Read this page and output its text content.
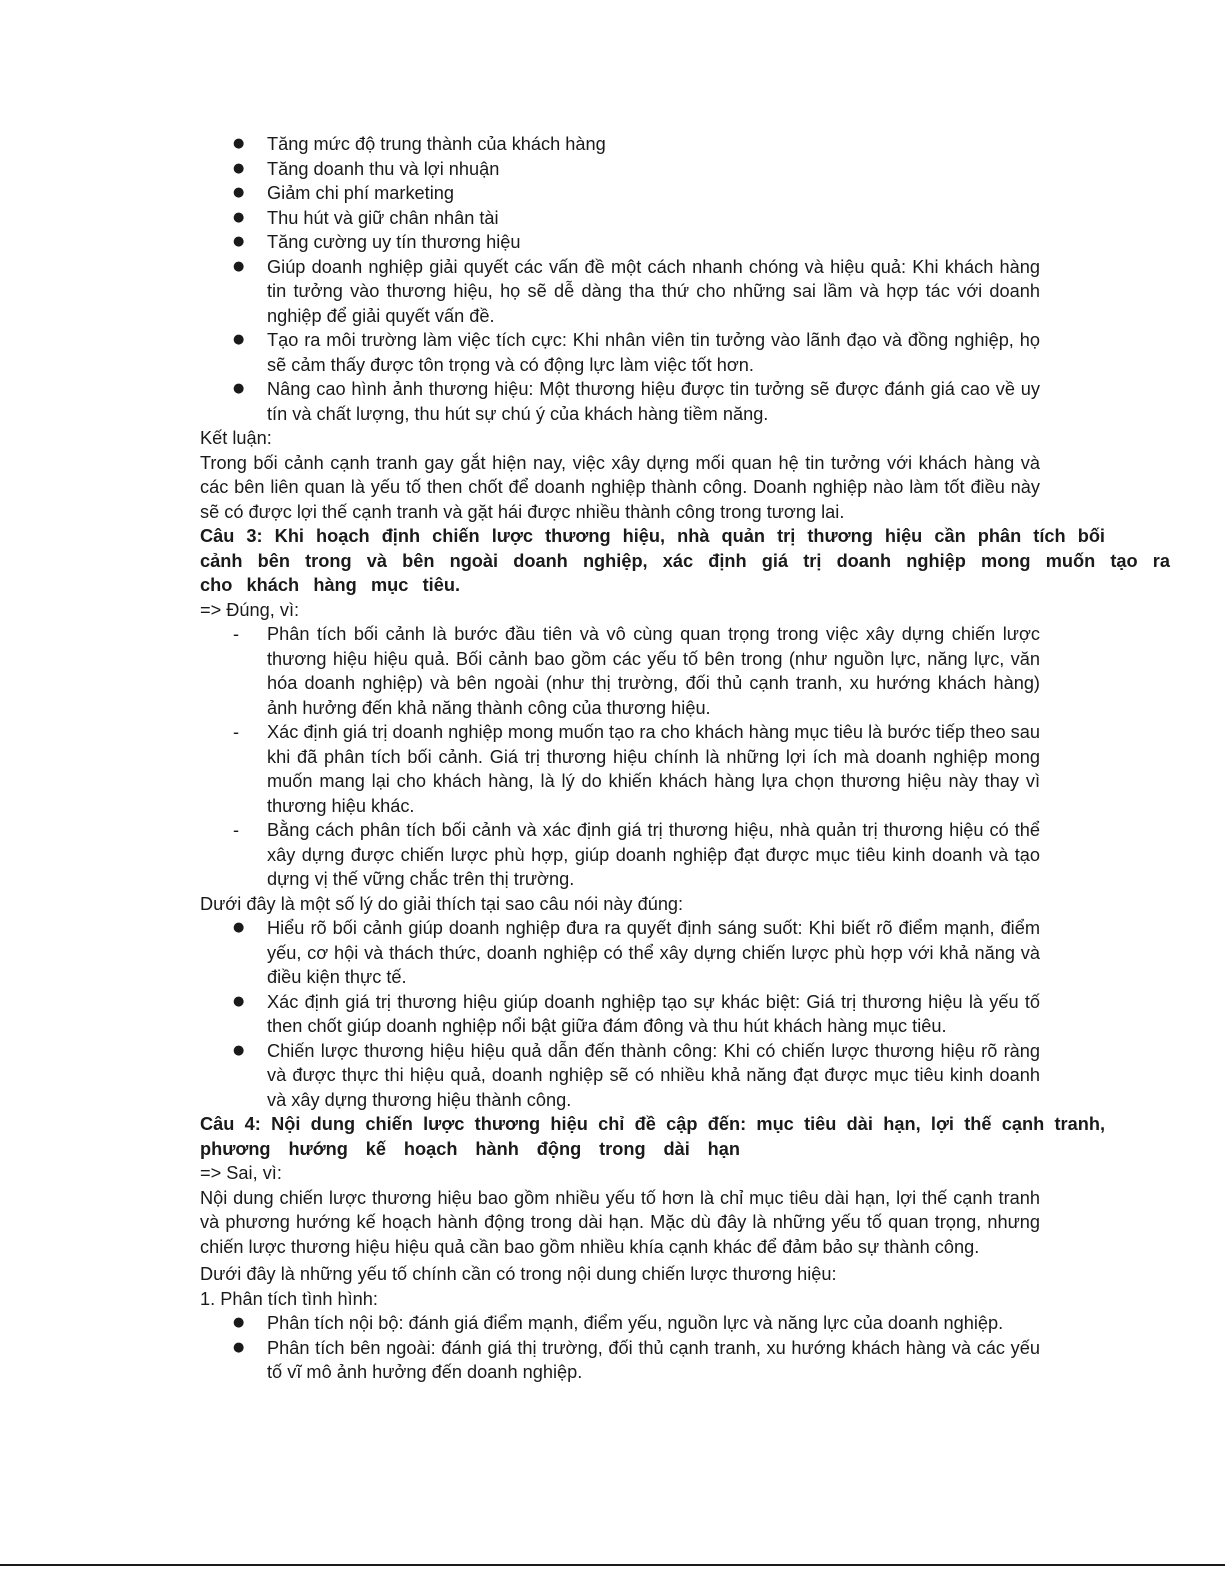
●
Tăng mức độ trung thành của khách hàng
●
Tăng doanh thu và lợi nhuận
●
Giảm chi phí marketing
●
Thu hút và giữ chân nhân tài
●
Tăng cường uy tín thương hiệu
●
Giúp doanh nghiệp giải quyết các vấn đề một cách nhanh chóng và hiệu quả: Khi khách hàng tin tưởng vào thương hiệu, họ sẽ dễ dàng tha thứ cho những sai lầm và hợp tác với doanh nghiệp để giải quyết vấn đề.
●
Tạo ra môi trường làm việc tích cực: Khi nhân viên tin tưởng vào lãnh đạo và đồng nghiệp, họ sẽ cảm thấy được tôn trọng và có động lực làm việc tốt hơn.
●
Nâng cao hình ảnh thương hiệu: Một thương hiệu được tin tưởng sẽ được đánh giá cao về uy tín và chất lượng, thu hút sự chú ý của khách hàng tiềm năng.

Kết luận:

Trong bối cảnh cạnh tranh gay gắt hiện nay, việc xây dựng mối quan hệ tin tưởng với khách hàng và các bên liên quan là yếu tố then chốt để doanh nghiệp thành công. Doanh nghiệp nào làm tốt điều này sẽ có được lợi thế cạnh tranh và gặt hái được nhiều thành công trong tương lai.

Câu 3: Khi hoạch định chiến lược thương hiệu, nhà quản trị thương hiệu cần phân tích bối

cảnh bên trong và bên ngoài doanh nghiệp, xác định giá trị doanh nghiệp mong muốn tạo ra

cho khách hàng mục tiêu.

=> Đúng, vì:

-
Phân tích bối cảnh là bước đầu tiên và vô cùng quan trọng trong việc xây dựng chiến lược thương hiệu hiệu quả. Bối cảnh bao gồm các yếu tố bên trong (như nguồn lực, năng lực, văn hóa doanh nghiệp) và bên ngoài (như thị trường, đối thủ cạnh tranh, xu hướng khách hàng) ảnh hưởng đến khả năng thành công của thương hiệu.
-
Xác định giá trị doanh nghiệp mong muốn tạo ra cho khách hàng mục tiêu là bước tiếp theo sau khi đã phân tích bối cảnh. Giá trị thương hiệu chính là những lợi ích mà doanh nghiệp mong muốn mang lại cho khách hàng, là lý do khiến khách hàng lựa chọn thương hiệu này thay vì thương hiệu khác.
-
Bằng cách phân tích bối cảnh và xác định giá trị thương hiệu, nhà quản trị thương hiệu có thể xây dựng được chiến lược phù hợp, giúp doanh nghiệp đạt được mục tiêu kinh doanh và tạo dựng vị thế vững chắc trên thị trường.

Dưới đây là một số lý do giải thích tại sao câu nói này đúng:

●
Hiểu rõ bối cảnh giúp doanh nghiệp đưa ra quyết định sáng suốt: Khi biết rõ điểm mạnh, điểm yếu, cơ hội và thách thức, doanh nghiệp có thể xây dựng chiến lược phù hợp với khả năng và điều kiện thực tế.
●
Xác định giá trị thương hiệu giúp doanh nghiệp tạo sự khác biệt: Giá trị thương hiệu là yếu tố then chốt giúp doanh nghiệp nổi bật giữa đám đông và thu hút khách hàng mục tiêu.
●
Chiến lược thương hiệu hiệu quả dẫn đến thành công: Khi có chiến lược thương hiệu rõ ràng và được thực thi hiệu quả, doanh nghiệp sẽ có nhiều khả năng đạt được mục tiêu kinh doanh và xây dựng thương hiệu thành công.

Câu 4: Nội dung chiến lược thương hiệu chỉ đề cập đến: mục tiêu dài hạn, lợi thế cạnh tranh,

phương hướng kế hoạch hành động trong dài hạn

=> Sai, vì:

Nội dung chiến lược thương hiệu bao gồm nhiều yếu tố hơn là chỉ mục tiêu dài hạn, lợi thế cạnh tranh và phương hướng kế hoạch hành động trong dài hạn. Mặc dù đây là những yếu tố quan trọng, nhưng chiến lược thương hiệu hiệu quả cần bao gồm nhiều khía cạnh khác để đảm bảo sự thành công.

Dưới đây là những yếu tố chính cần có trong nội dung chiến lược thương hiệu:

1. Phân tích tình hình:

●
Phân tích nội bộ: đánh giá điểm mạnh, điểm yếu, nguồn lực và năng lực của doanh nghiệp.
●
Phân tích bên ngoài: đánh giá thị trường, đối thủ cạnh tranh, xu hướng khách hàng và các yếu tố vĩ mô ảnh hưởng đến doanh nghiệp.
